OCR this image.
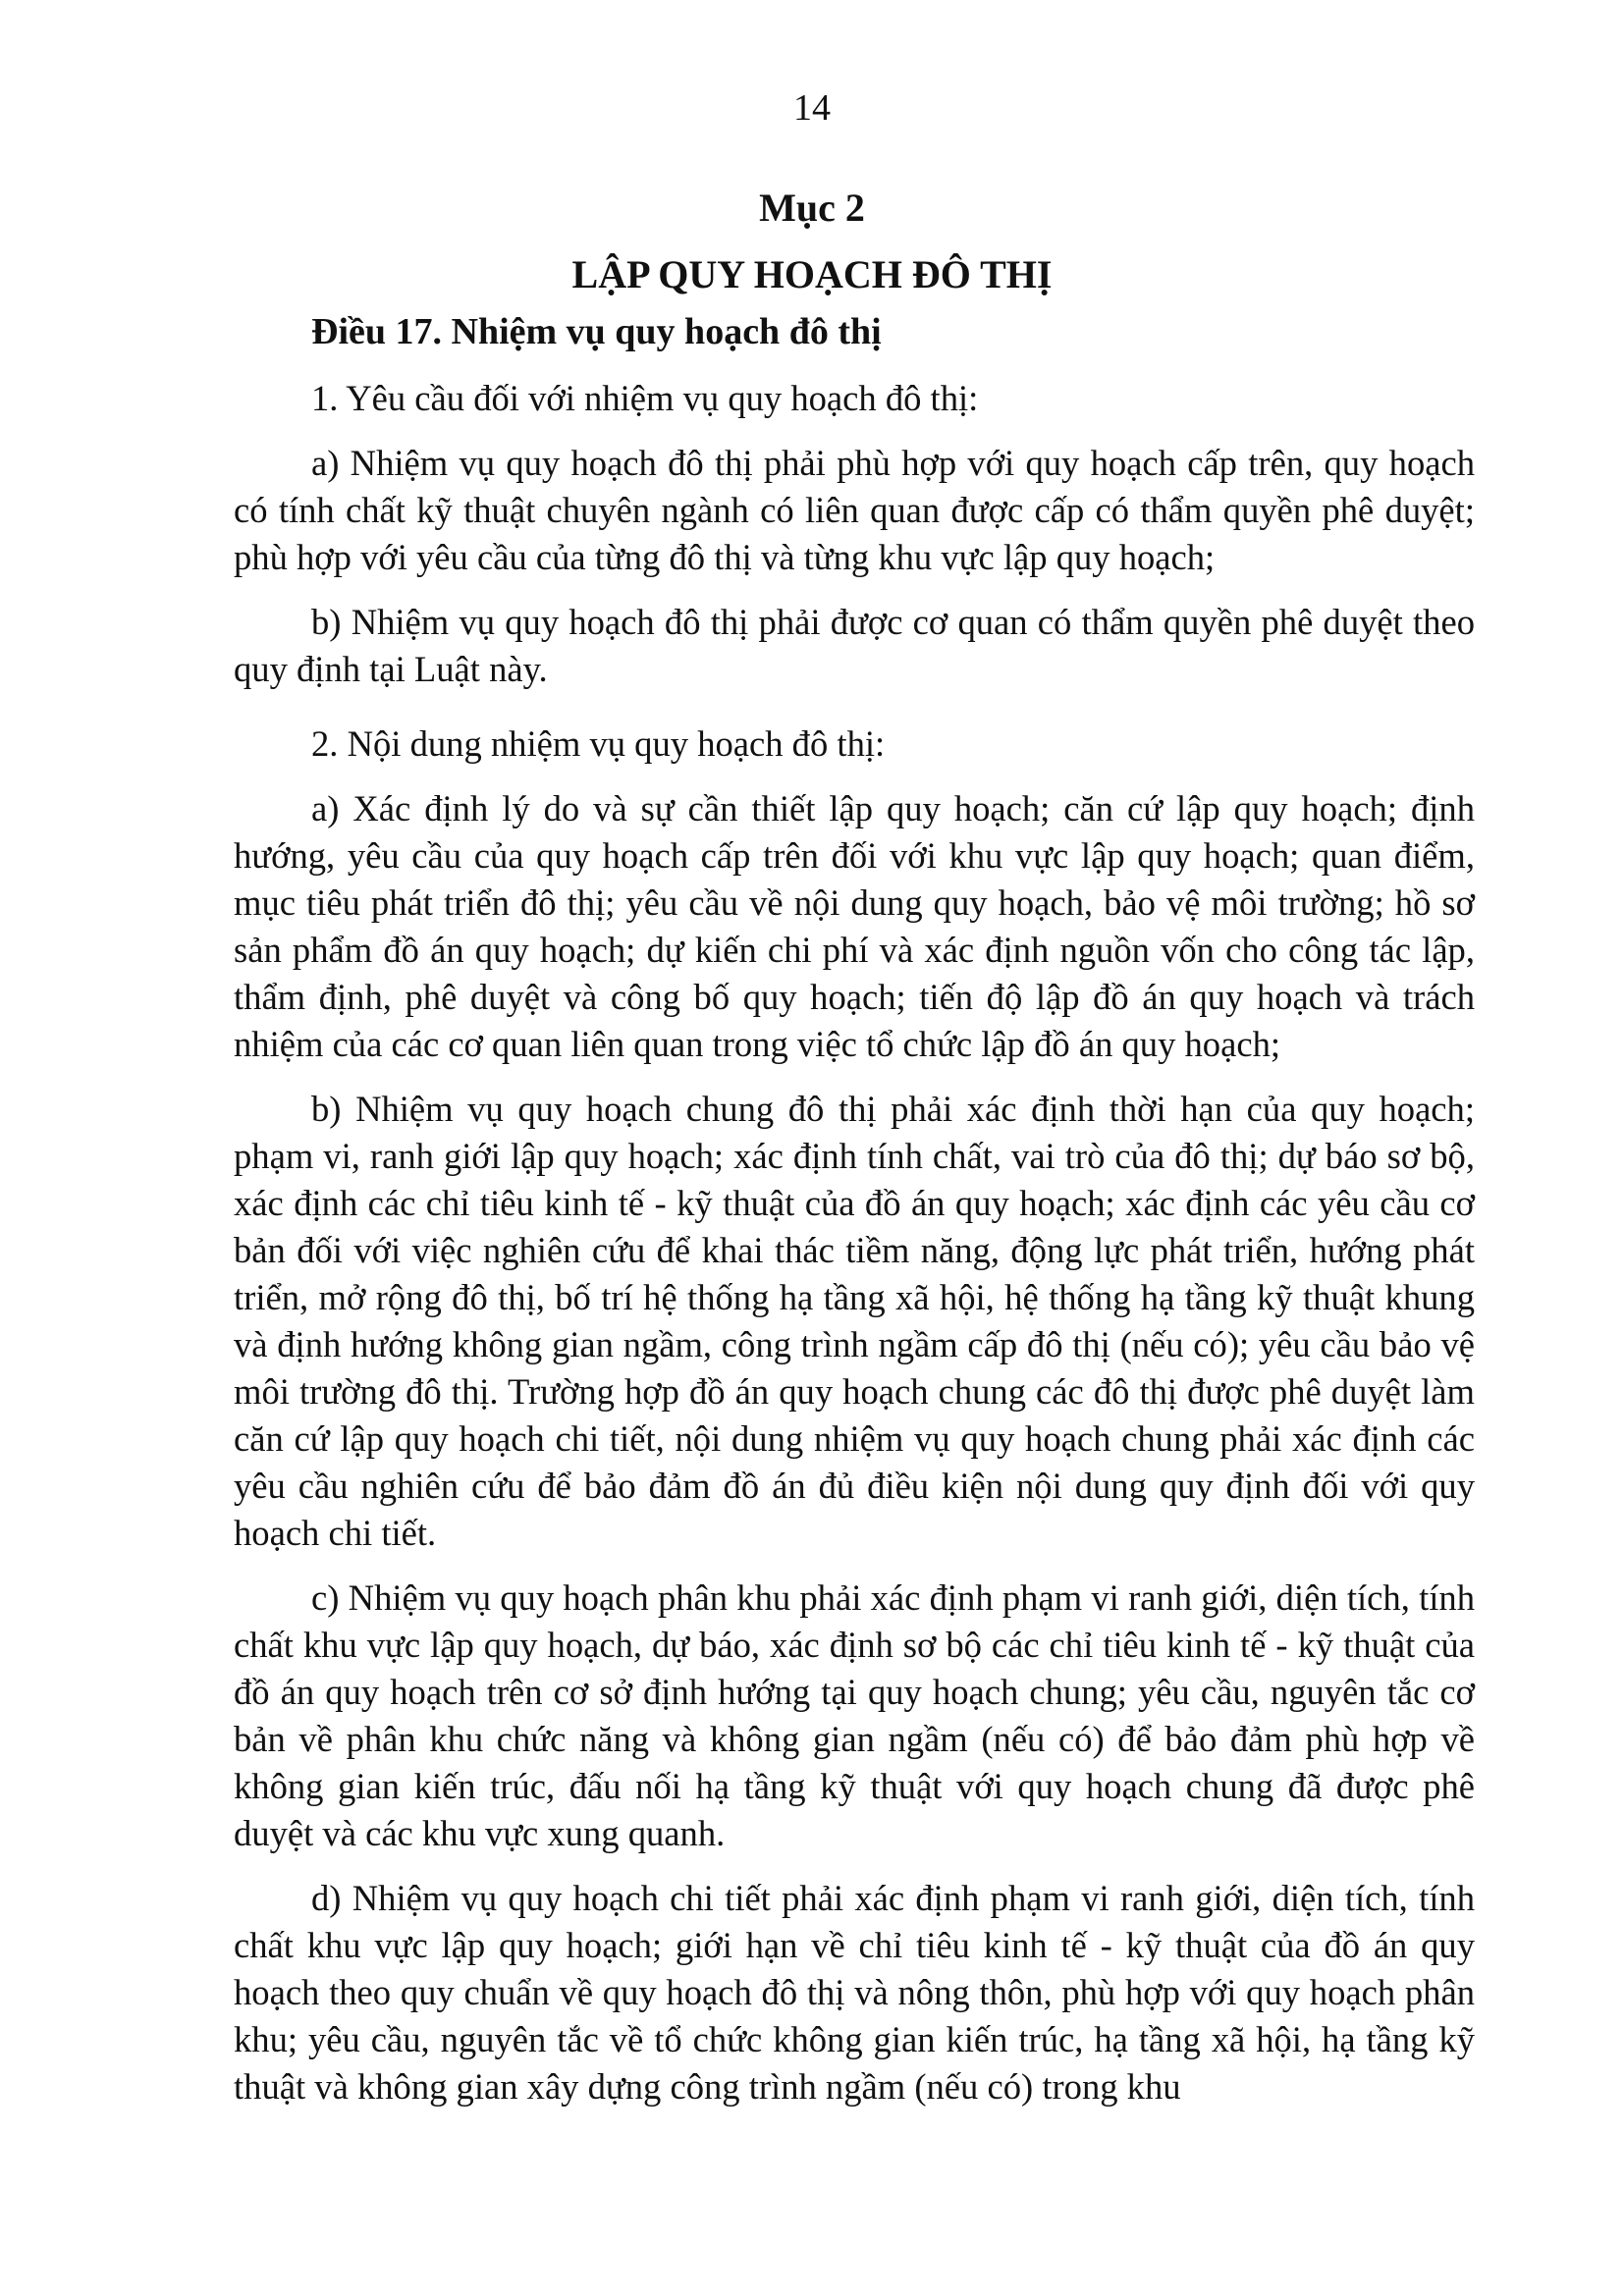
14
Mục 2
LẬP QUY HOẠCH ĐÔ THỊ
Điều 17. Nhiệm vụ quy hoạch đô thị

1. Yêu cầu đối với nhiệm vụ quy hoạch đô thị:

a) Nhiệm vụ quy hoạch đô thị phải phù hợp với quy hoạch cấp trên, quy hoạch có tính chất kỹ thuật chuyên ngành có liên quan được cấp có thẩm quyền phê duyệt; phù hợp với yêu cầu của từng đô thị và từng khu vực lập quy hoạch;

b) Nhiệm vụ quy hoạch đô thị phải được cơ quan có thẩm quyền phê duyệt theo quy định tại Luật này.

2. Nội dung nhiệm vụ quy hoạch đô thị:

a) Xác định lý do và sự cần thiết lập quy hoạch; căn cứ lập quy hoạch; định hướng, yêu cầu của quy hoạch cấp trên đối với khu vực lập quy hoạch; quan điểm, mục tiêu phát triển đô thị; yêu cầu về nội dung quy hoạch, bảo vệ môi trường; hồ sơ sản phẩm đồ án quy hoạch; dự kiến chi phí và xác định nguồn vốn cho công tác lập, thẩm định, phê duyệt và công bố quy hoạch; tiến độ lập đồ án quy hoạch và trách nhiệm của các cơ quan liên quan trong việc tổ chức lập đồ án quy hoạch;

b) Nhiệm vụ quy hoạch chung đô thị phải xác định thời hạn của quy hoạch; phạm vi, ranh giới lập quy hoạch; xác định tính chất, vai trò của đô thị; dự báo sơ bộ, xác định các chỉ tiêu kinh tế - kỹ thuật của đồ án quy hoạch; xác định các yêu cầu cơ bản đối với việc nghiên cứu để khai thác tiềm năng, động lực phát triển, hướng phát triển, mở rộng đô thị, bố trí hệ thống hạ tầng xã hội, hệ thống hạ tầng kỹ thuật khung và định hướng không gian ngầm, công trình ngầm cấp đô thị (nếu có); yêu cầu bảo vệ môi trường đô thị. Trường hợp đồ án quy hoạch chung các đô thị được phê duyệt làm căn cứ lập quy hoạch chi tiết, nội dung nhiệm vụ quy hoạch chung phải xác định các yêu cầu nghiên cứu để bảo đảm đồ án đủ điều kiện nội dung quy định đối với quy hoạch chi tiết.

c) Nhiệm vụ quy hoạch phân khu phải xác định phạm vi ranh giới, diện tích, tính chất khu vực lập quy hoạch, dự báo, xác định sơ bộ các chỉ tiêu kinh tế - kỹ thuật của đồ án quy hoạch trên cơ sở định hướng tại quy hoạch chung; yêu cầu, nguyên tắc cơ bản về phân khu chức năng và không gian ngầm (nếu có) để bảo đảm phù hợp về không gian kiến trúc, đấu nối hạ tầng kỹ thuật với quy hoạch chung đã được phê duyệt và các khu vực xung quanh.

d) Nhiệm vụ quy hoạch chi tiết phải xác định phạm vi ranh giới, diện tích, tính chất khu vực lập quy hoạch; giới hạn về chỉ tiêu kinh tế - kỹ thuật của đồ án quy hoạch theo quy chuẩn về quy hoạch đô thị và nông thôn, phù hợp với quy hoạch phân khu; yêu cầu, nguyên tắc về tổ chức không gian kiến trúc, hạ tầng xã hội, hạ tầng kỹ thuật và không gian xây dựng công trình ngầm (nếu có) trong khu
